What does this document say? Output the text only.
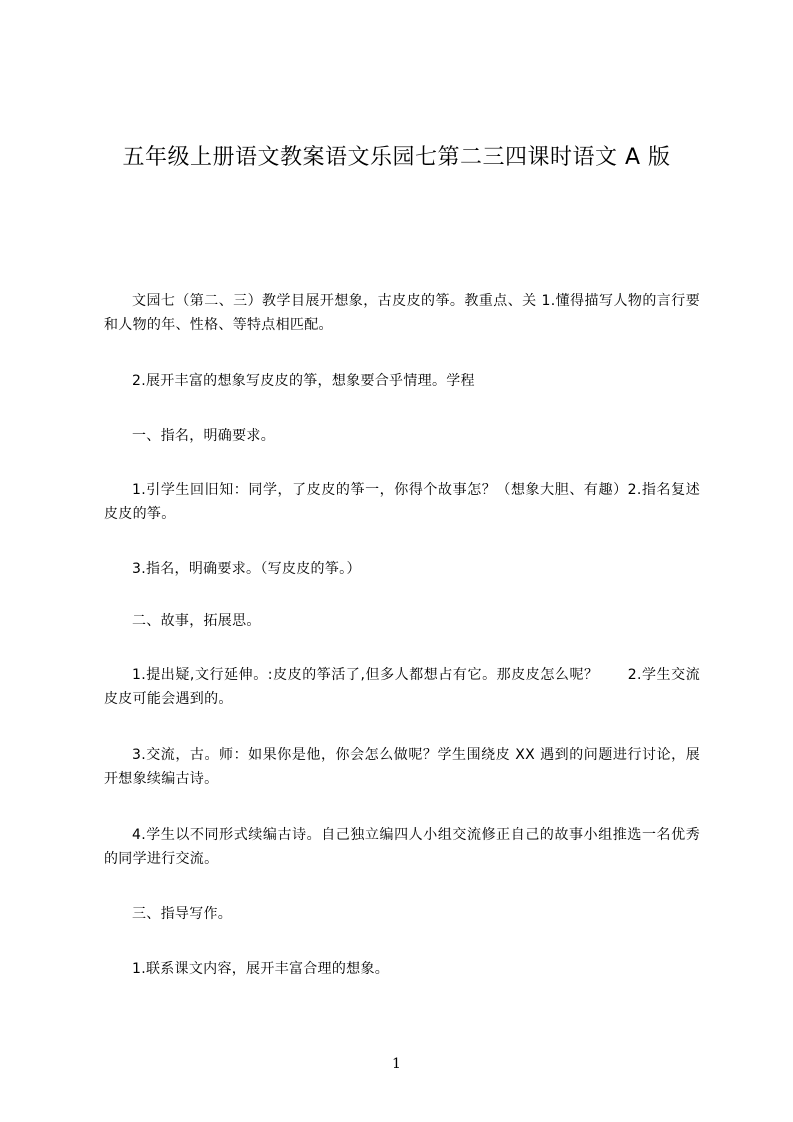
五年级上册语文教案语文乐园七第二三四课时语文 A 版
文园七（第二、三）教学目展开想象，古皮皮的筝。教重点、关 1.懂得描写人物的言行要和人物的年、性格、等特点相匹配。
2.展开丰富的想象写皮皮的筝，想象要合乎情理。学程
一、指名，明确要求。
1.引学生回旧知：同学，了皮皮的筝一，你得个故事怎？（想象大胆、有趣）2.指名复述皮皮的筝。
3.指名，明确要求。（写皮皮的筝。）
二、故事，拓展思。
1.提出疑,文行延伸。:皮皮的筝活了,但多人都想占有它。那皮皮怎么呢？　　2.学生交流皮皮可能会遇到的。
3.交流，古。师：如果你是他，你会怎么做呢？学生围绕皮 XX 遇到的问题进行讨论，展开想象续编古诗。
4.学生以不同形式续编古诗。自己独立编四人小组交流修正自己的故事小组推选一名优秀的同学进行交流。
三、指导写作。
1.联系课文内容，展开丰富合理的想象。
1
